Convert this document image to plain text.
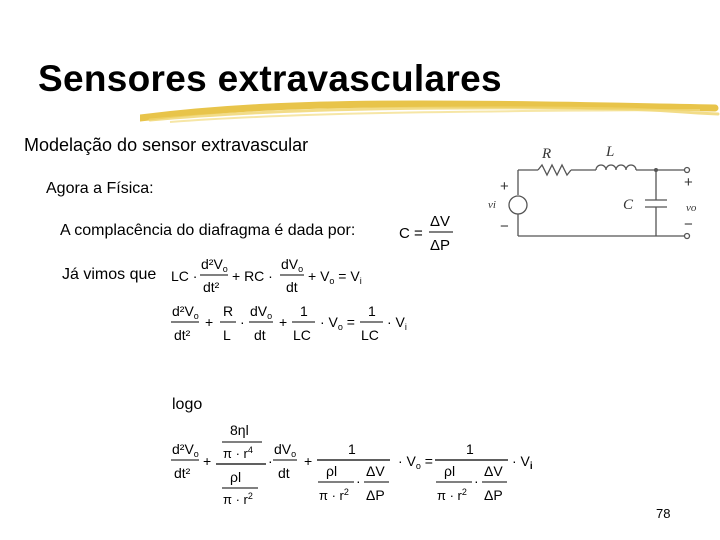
Sensores extravasculares
Modelação do sensor extravascular
Agora a Física:
A complacência do diafragma é dada por:
Já vimos que
logo
78
R	L
C
vi	vo
+
−
+
−
C =
ΔV
ΔP
LC ·
$d^2V_o$
dt²
+ RC ·
$dV_o$
dt
+ $V_o = V_i$
$d^2V_o$
dt²
+
R
L
·
$dV_o$
dt
+
1
LC
· $V_o$ =
1
LC
· $V_i$
$d^2V_o$
dt²
+
8ηl
$\pi \cdot r^4$
ρl
$\pi \cdot r^2$
·
$dV_o$
dt
+
1
ρl
$\pi \cdot r^2$
·
ΔV
ΔP
· $V_o$ =
1
ρl
$\pi \cdot r^2$
·
ΔV
ΔP
· $V_i$
